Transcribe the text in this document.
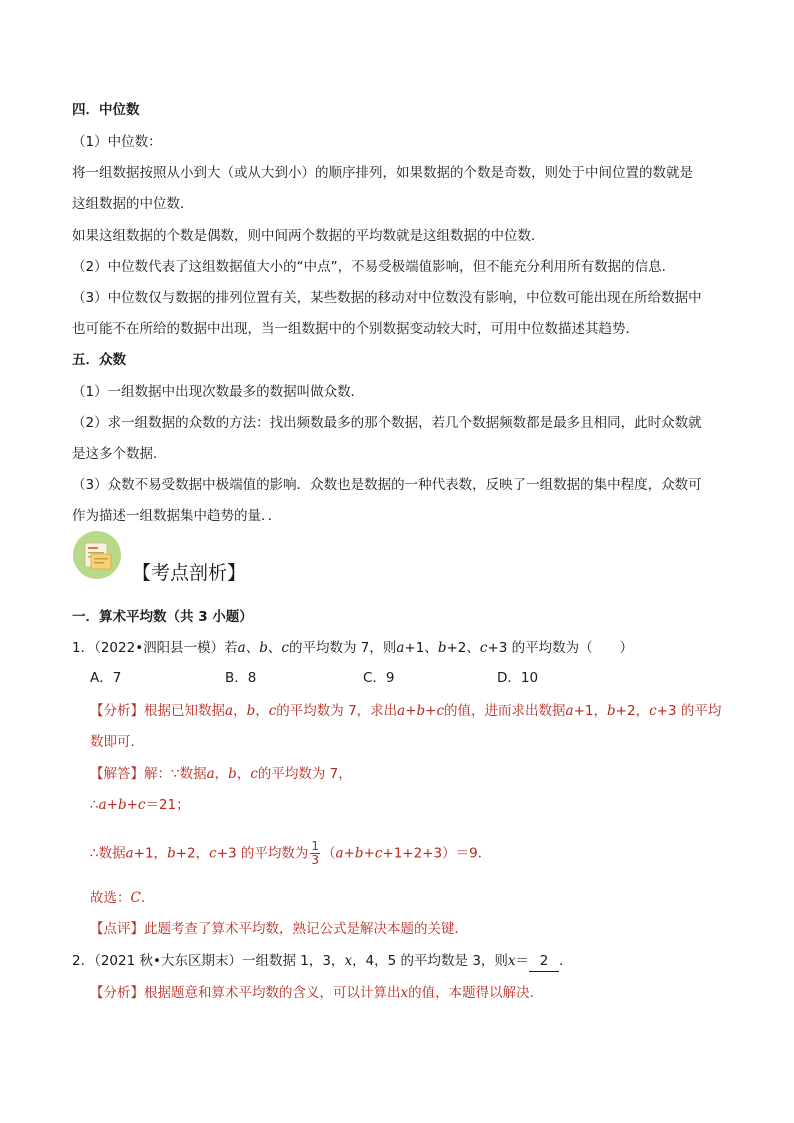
四．中位数
（1）中位数：
将一组数据按照从小到大（或从大到小）的顺序排列，如果数据的个数是奇数，则处于中间位置的数就是
这组数据的中位数．
如果这组数据的个数是偶数，则中间两个数据的平均数就是这组数据的中位数．
（2）中位数代表了这组数据值大小的“中点”，不易受极端值影响，但不能充分利用所有数据的信息．
（3）中位数仅与数据的排列位置有关，某些数据的移动对中位数没有影响，中位数可能出现在所给数据中
也可能不在所给的数据中出现，当一组数据中的个别数据变动较大时，可用中位数描述其趋势．
五．众数
（1）一组数据中出现次数最多的数据叫做众数．
（2）求一组数据的众数的方法：找出频数最多的那个数据，若几个数据频数都是最多且相同，此时众数就
是这多个数据．
（3）众数不易受数据中极端值的影响．众数也是数据的一种代表数，反映了一组数据的集中程度，众数可
作为描述一组数据集中趋势的量．．
【考点剖析】
一．算术平均数（共 3 小题）
1．（2022•泗阳县一模）若a、b、c的平均数为 7，则a+1、b+2、c+3 的平均数为（　　）
A．7	B．8	C．9	D．10
【分析】根据已知数据a，b，c的平均数为 7，求出a+b+c的值，进而求出数据a+1，b+2，c+3 的平均
数即可．
【解答】解：∵数据a，b，c的平均数为 7，
∴a+b+c＝21；
∴数据a+1，b+2，c+3 的平均数为 $\frac{1}{3} (a+b+c+1+2+3)=9$．
故选：C．
【点评】此题考查了算术平均数，熟记公式是解决本题的关键．
2．（2021 秋•大东区期末）一组数据 1，3，x，4，5 的平均数是 3，则x＝ 2 ．
【分析】根据题意和算术平均数的含义，可以计算出x的值，本题得以解决．
